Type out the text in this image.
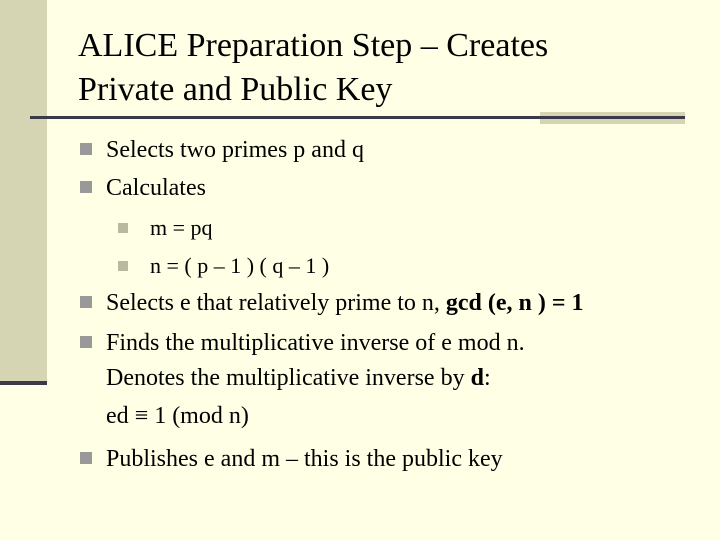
ALICE Preparation Step – Creates
Private and Public Key
Selects two primes p and q
Calculates
m = pq
n = ( p – 1 ) ( q – 1 )
Selects e that relatively prime to n, gcd (e, n ) = 1
Finds the multiplicative inverse of e mod n.
Denotes the multiplicative inverse by d:
ed ≡ 1 (mod n)
Publishes e and m – this is the public key
